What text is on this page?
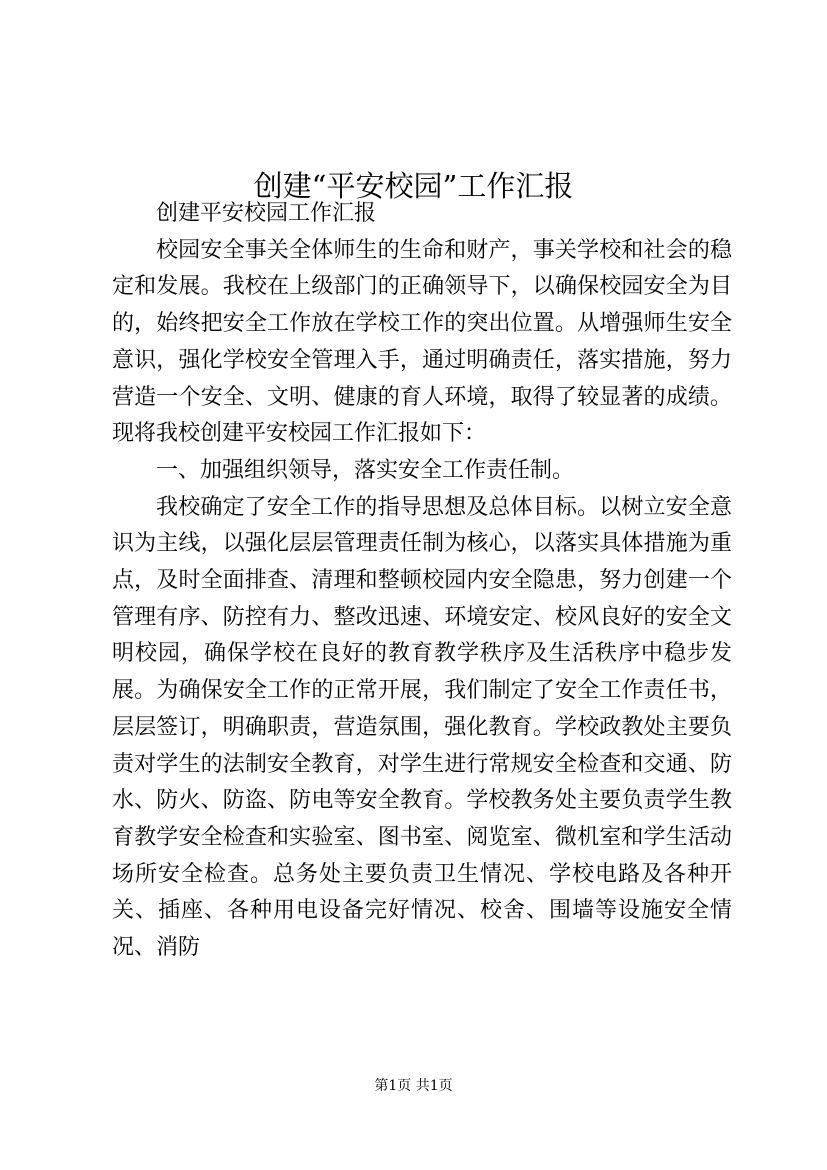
创建“平安校园”工作汇报

创建平安校园工作汇报

校园安全事关全体师生的生命和财产，事关学校和社会的稳定和发展。我校在上级部门的正确领导下，以确保校园安全为目的，始终把安全工作放在学校工作的突出位置。从增强师生安全意识，强化学校安全管理入手，通过明确责任，落实措施，努力营造一个安全、文明、健康的育人环境，取得了较显著的成绩。现将我校创建平安校园工作汇报如下：

一、加强组织领导，落实安全工作责任制。

我校确定了安全工作的指导思想及总体目标。以树立安全意识为主线，以强化层层管理责任制为核心，以落实具体措施为重点，及时全面排查、清理和整顿校园内安全隐患，努力创建一个管理有序、防控有力、整改迅速、环境安定、校风良好的安全文明校园，确保学校在良好的教育教学秩序及生活秩序中稳步发展。为确保安全工作的正常开展，我们制定了安全工作责任书，层层签订，明确职责，营造氛围，强化教育。学校政教处主要负责对学生的法制安全教育，对学生进行常规安全检查和交通、防水、防火、防盗、防电等安全教育。学校教务处主要负责学生教育教学安全检查和实验室、图书室、阅览室、微机室和学生活动场所安全检查。总务处主要负责卫生情况、学校电路及各种开关、插座、各种用电设备完好情况、校舍、围墙等设施安全情况、消防

第1页 共1页
